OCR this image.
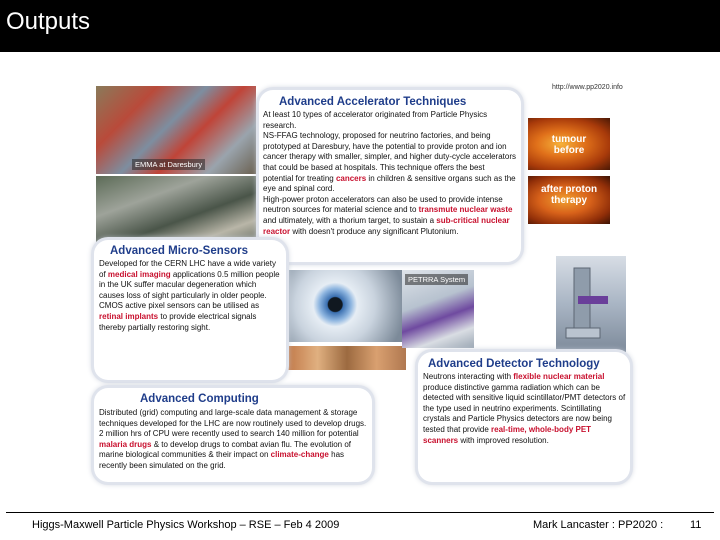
Outputs
EMMA at Daresbury
http://www.pp2020.info
tumour before
after proton therapy
PETRRA System
Advanced Accelerator Techniques

At least 10 types of accelerator originated from Particle Physics research.

NS-FFAG technology, proposed for neutrino factories, and being prototyped at Daresbury, have the potential to provide proton and ion cancer therapy with smaller, simpler, and higher duty-cycle accelerators that could be based at hospitals. This technique offers the best potential for treating cancers in children & sensitive organs such as the eye and spinal cord.

High-power proton accelerators can also be used to provide intense neutron sources for material science and to transmute nuclear waste and ultimately, with a thorium target, to sustain a sub-critical nuclear reactor with doesn't produce any significant Plutonium.

Advanced Micro-Sensors

Developed for the CERN LHC have a wide variety of medical imaging applications 0.5 million people in the UK suffer macular degeneration which causes loss of sight particularly in older people. CMOS active pixel sensors can be utilised as retinal implants to provide electrical signals thereby partially restoring sight.

Advanced Computing

Distributed (grid) computing and large-scale data management & storage techniques developed for the LHC are now routinely used to develop drugs. 2 million hrs of CPU were recently used to search 140 million for potential malaria drugs & to develop drugs to combat avian flu. The evolution of marine biological communities & their impact on climate-change has recently been simulated on the grid.

Advanced Detector Technology

Neutrons interacting with flexible nuclear material produce distinctive gamma radiation which can be detected with sensitive liquid scintillator/PMT detectors of the type used in neutrino experiments. Scintillating crystals and Particle Physics detectors are now being tested that provide real-time, whole-body PET scanners with improved resolution.

Higgs-Maxwell Particle Physics Workshop – RSE – Feb 4 2009	Mark Lancaster : PP2020 : 11
